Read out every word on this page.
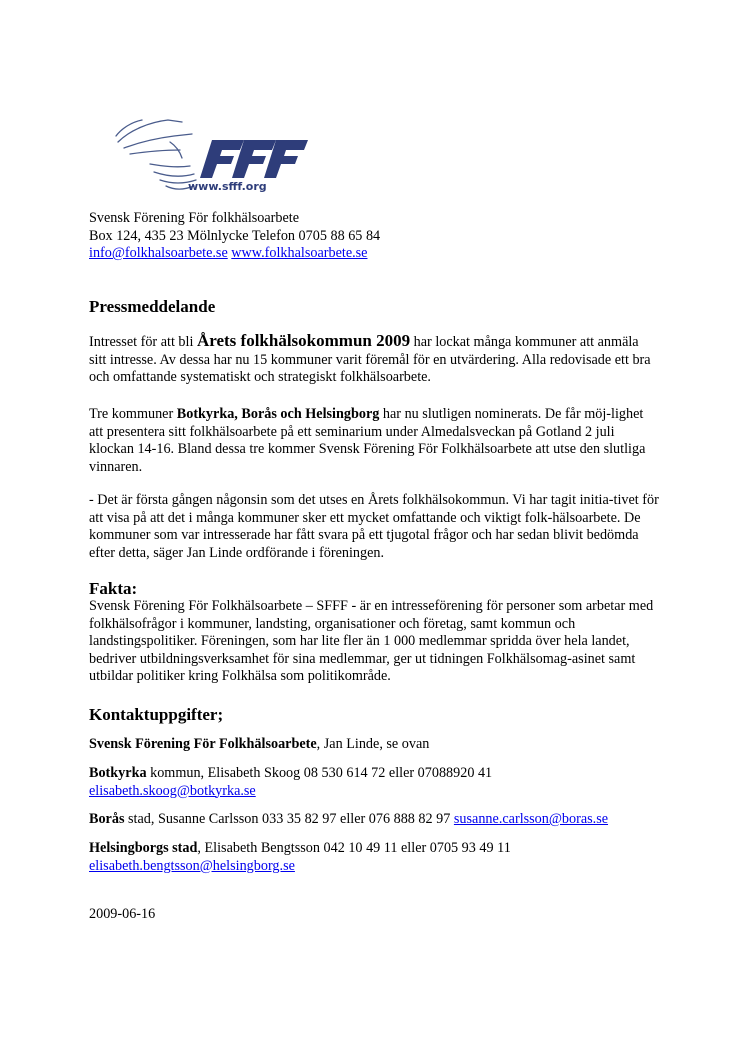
www.sfff.org

Svensk Förening För folkhälsoarbete

Box 124, 435 23 Mölnlycke Telefon 0705 88 65 84

info@folkhalsoarbete.se www.folkhalsoarbete.se

Pressmeddelande

Intresset för att bli Årets folkhälsokommun 2009 har lockat många kommuner att anmäla sitt intresse. Av dessa har nu 15 kommuner varit föremål för en utvärdering. Alla redovisade ett bra och omfattande systematiskt och strategiskt folkhälsoarbete.

Tre kommuner Botkyrka, Borås och Helsingborg har nu slutligen nominerats. De får möj-lighet att presentera sitt folkhälsoarbete på ett seminarium under Almedalsveckan på Gotland 2 juli klockan 14-16. Bland dessa tre kommer Svensk Förening För Folkhälsoarbete att utse den slutliga vinnaren.

- Det är första gången någonsin som det utses en Årets folkhälsokommun. Vi har tagit initia-tivet för att visa på att det i många kommuner sker ett mycket omfattande och viktigt folk-hälsoarbete. De kommuner som var intresserade har fått svara på ett tjugotal frågor och har sedan blivit bedömda efter detta, säger Jan Linde ordförande i föreningen.

Fakta:

Svensk Förening För Folkhälsoarbete – SFFF - är en intresseförening för personer som arbetar med folkhälsofrågor i kommuner, landsting, organisationer och företag, samt kommun och landstingspolitiker. Föreningen, som har lite fler än 1 000 medlemmar spridda över hela landet, bedriver utbildningsverksamhet för sina medlemmar, ger ut tidningen Folkhälsomag-asinet samt utbildar politiker kring Folkhälsa som politikområde.

Kontaktuppgifter;

Svensk Förening För Folkhälsoarbete, Jan Linde, se ovan

Botkyrka kommun, Elisabeth Skoog 08 530 614 72 eller 07088920 41

elisabeth.skoog@botkyrka.se

Borås stad, Susanne Carlsson 033 35 82 97 eller 076 888 82 97 susanne.carlsson@boras.se

Helsingborgs stad, Elisabeth Bengtsson 042 10 49 11 eller 0705 93 49 11

elisabeth.bengtsson@helsingborg.se

2009-06-16
